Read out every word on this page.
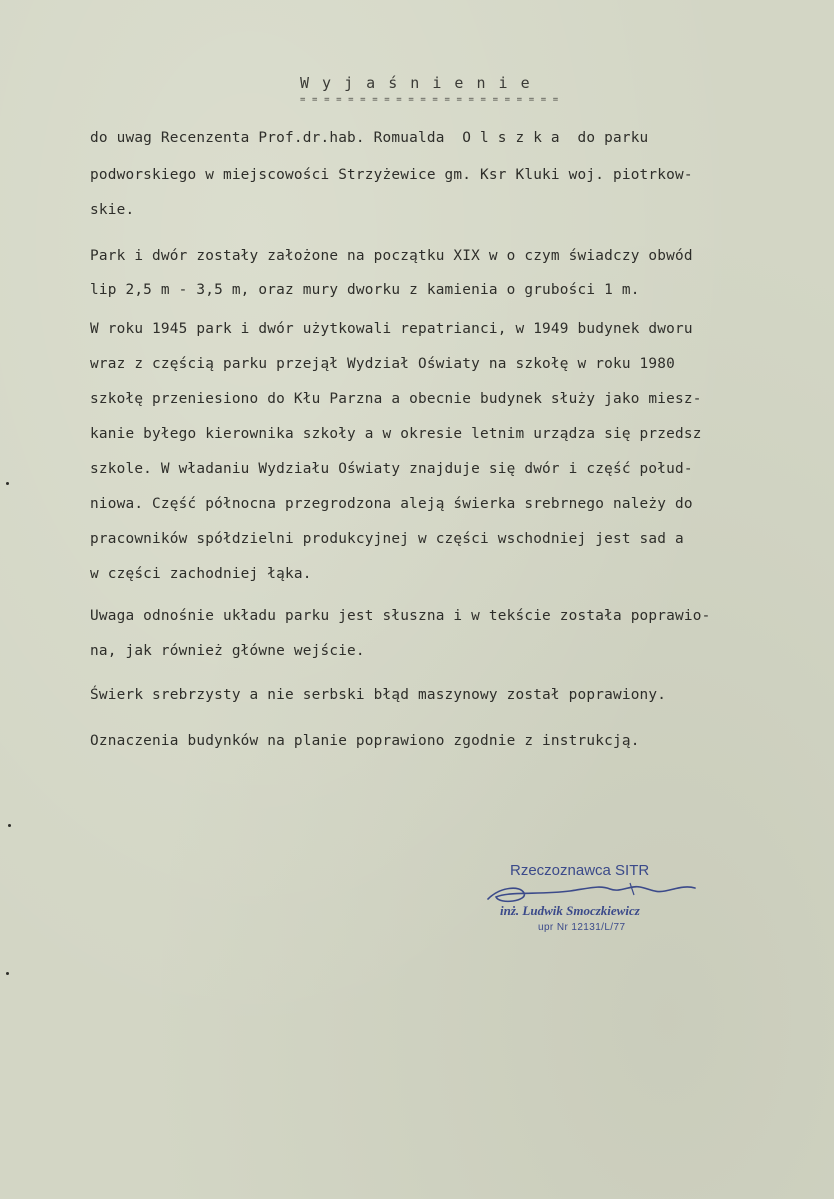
W y j a ś n i e n i e
= = = = = = = = = = = = = = = = = = = = = =
do uwag Recenzenta Prof.dr.hab. Romualda  O l s z k a  do parku
podworskiego w miejscowości Strzyżewice gm. Ksr Kluki woj. piotrkow-
skie.
Park i dwór zostały założone na początku XIX w o czym świadczy obwód
lip 2,5 m - 3,5 m, oraz mury dworku z kamienia o grubości 1 m.
W roku 1945 park i dwór użytkowali repatrianci, w 1949 budynek dworu
wraz z częścią parku przejął Wydział Oświaty na szkołę w roku 1980
szkołę przeniesiono do Kłu Parzna a obecnie budynek służy jako miesz-
kanie byłego kierownika szkoły a w okresie letnim urządza się przedsz
szkole. W władaniu Wydziału Oświaty znajduje się dwór i część połud-
niowa. Część północna przegrodzona aleją świerka srebrnego należy do
pracowników spółdzielni produkcyjnej w części wschodniej jest sad a
w części zachodniej łąka.
Uwaga odnośnie układu parku jest słuszna i w tekście została poprawio-
na, jak również główne wejście.
Świerk srebrzysty a nie serbski błąd maszynowy został poprawiony.
Oznaczenia budynków na planie poprawiono zgodnie z instrukcją.
Rzeczoznawca SITR
inż. Ludwik Smoczkiewicz
upr Nr 12131/L/77
